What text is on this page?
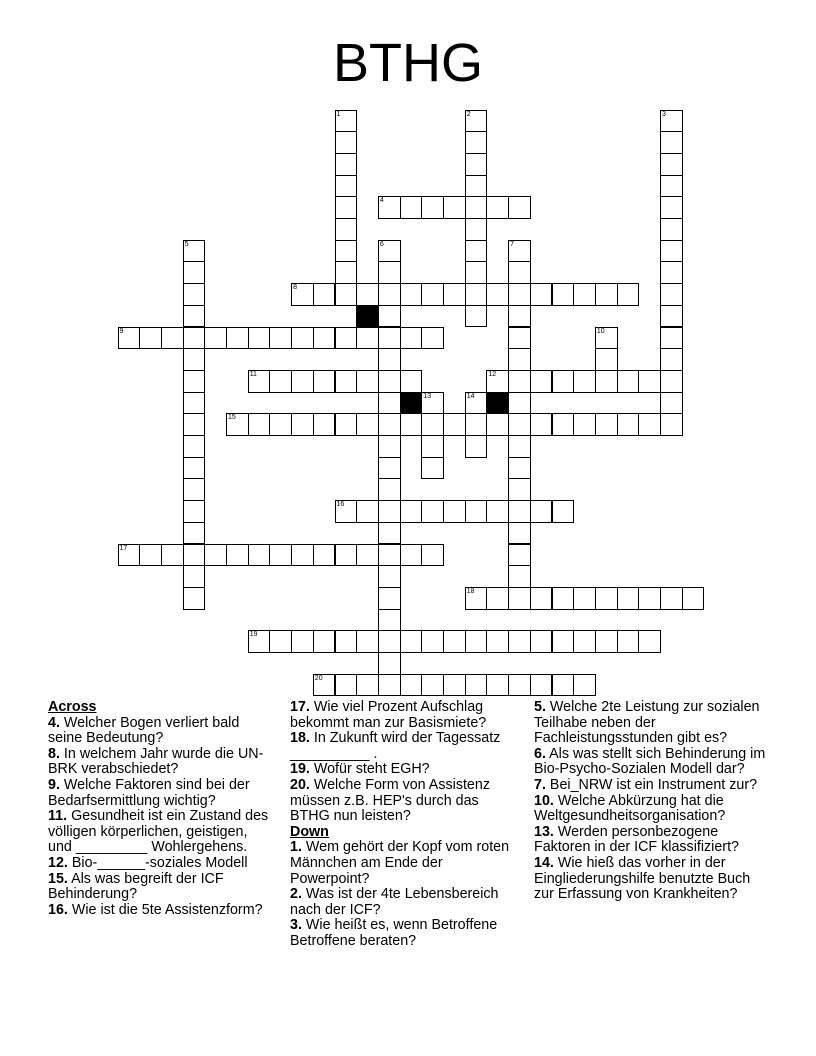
BTHG
1	2	3
4
5	6	7
8
9	10
11	12
13	14
15
16
17
18
19
20
Across
4. Welcher Bogen verliert bald seine Bedeutung?
8. In welchem Jahr wurde die UN-BRK verabschiedet?
9. Welche Faktoren sind bei der Bedarfsermittlung wichtig?
11. Gesundheit ist ein Zustand des völligen körperlichen, geistigen, und _________ Wohlergehens.
12. Bio-______-soziales Modell
15. Als was begreift der ICF Behinderung?
16. Wie ist die 5te Assistenzform?
17. Wie viel Prozent Aufschlag bekommt man zur Basismiete?
18. In Zukunft wird der Tagessatz __________ .
19. Wofür steht EGH?
20. Welche Form von Assistenz müssen z.B. HEP's durch das BTHG nun leisten?
Down
1. Wem gehört der Kopf vom roten Männchen am Ende der Powerpoint?
2. Was ist der 4te Lebensbereich nach der ICF?
3. Wie heißt es, wenn Betroffene Betroffene beraten?
5. Welche 2te Leistung zur sozialen Teilhabe neben der Fachleistungsstunden gibt es?
6. Als was stellt sich Behinderung im Bio-Psycho-Sozialen Modell dar?
7. Bei_NRW ist ein Instrument zur?
10. Welche Abkürzung hat die Weltgesundheitsorganisation?
13. Werden personbezogene Faktoren in der ICF klassifiziert?
14. Wie hieß das vorher in der Eingliederungshilfe benutzte Buch zur Erfassung von Krankheiten?
